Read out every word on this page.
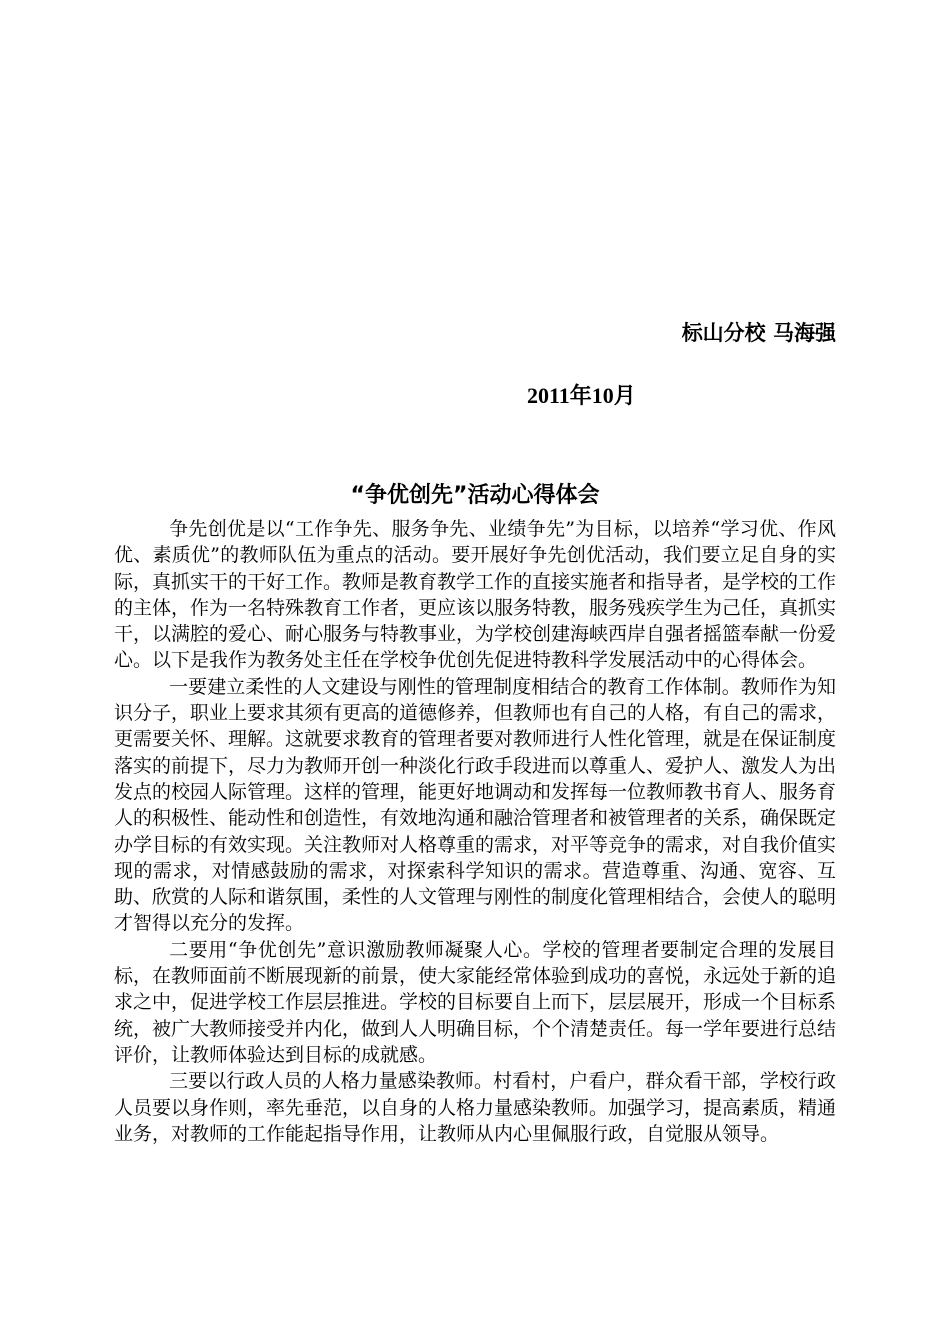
标山分校 马海强
2011年10月
“争优创先”活动心得体会

争先创优是以“工作争先、服务争先、业绩争先”为目标，以培养“学习优、作风优、素质优”的教师队伍为重点的活动。要开展好争先创优活动，我们要立足自身的实际，真抓实干的干好工作。教师是教育教学工作的直接实施者和指导者，是学校的工作的主体，作为一名特殊教育工作者，更应该以服务特教，服务残疾学生为己任，真抓实干，以满腔的爱心、耐心服务与特教事业，为学校创建海峡西岸自强者摇篮奉献一份爱心。以下是我作为教务处主任在学校争优创先促进特教科学发展活动中的心得体会。

一要建立柔性的人文建设与刚性的管理制度相结合的教育工作体制。教师作为知识分子，职业上要求其须有更高的道德修养，但教师也有自己的人格，有自己的需求，更需要关怀、理解。这就要求教育的管理者要对教师进行人性化管理，就是在保证制度落实的前提下，尽力为教师开创一种淡化行政手段进而以尊重人、爱护人、激发人为出发点的校园人际管理。这样的管理，能更好地调动和发挥每一位教师教书育人、服务育人的积极性、能动性和创造性，有效地沟通和融洽管理者和被管理者的关系，确保既定办学目标的有效实现。关注教师对人格尊重的需求，对平等竞争的需求，对自我价值实现的需求，对情感鼓励的需求，对探索科学知识的需求。营造尊重、沟通、宽容、互助、欣赏的人际和谐氛围，柔性的人文管理与刚性的制度化管理相结合，会使人的聪明才智得以充分的发挥。

二要用“争优创先”意识激励教师凝聚人心。学校的管理者要制定合理的发展目标，在教师面前不断展现新的前景，使大家能经常体验到成功的喜悦，永远处于新的追求之中，促进学校工作层层推进。学校的目标要自上而下，层层展开，形成一个目标系统，被广大教师接受并内化，做到人人明确目标，个个清楚责任。每一学年要进行总结评价，让教师体验达到目标的成就感。

三要以行政人员的人格力量感染教师。村看村，户看户，群众看干部，学校行政人员要以身作则，率先垂范，以自身的人格力量感染教师。加强学习，提高素质，精通业务，对教师的工作能起指导作用，让教师从内心里佩服行政，自觉服从领导。
